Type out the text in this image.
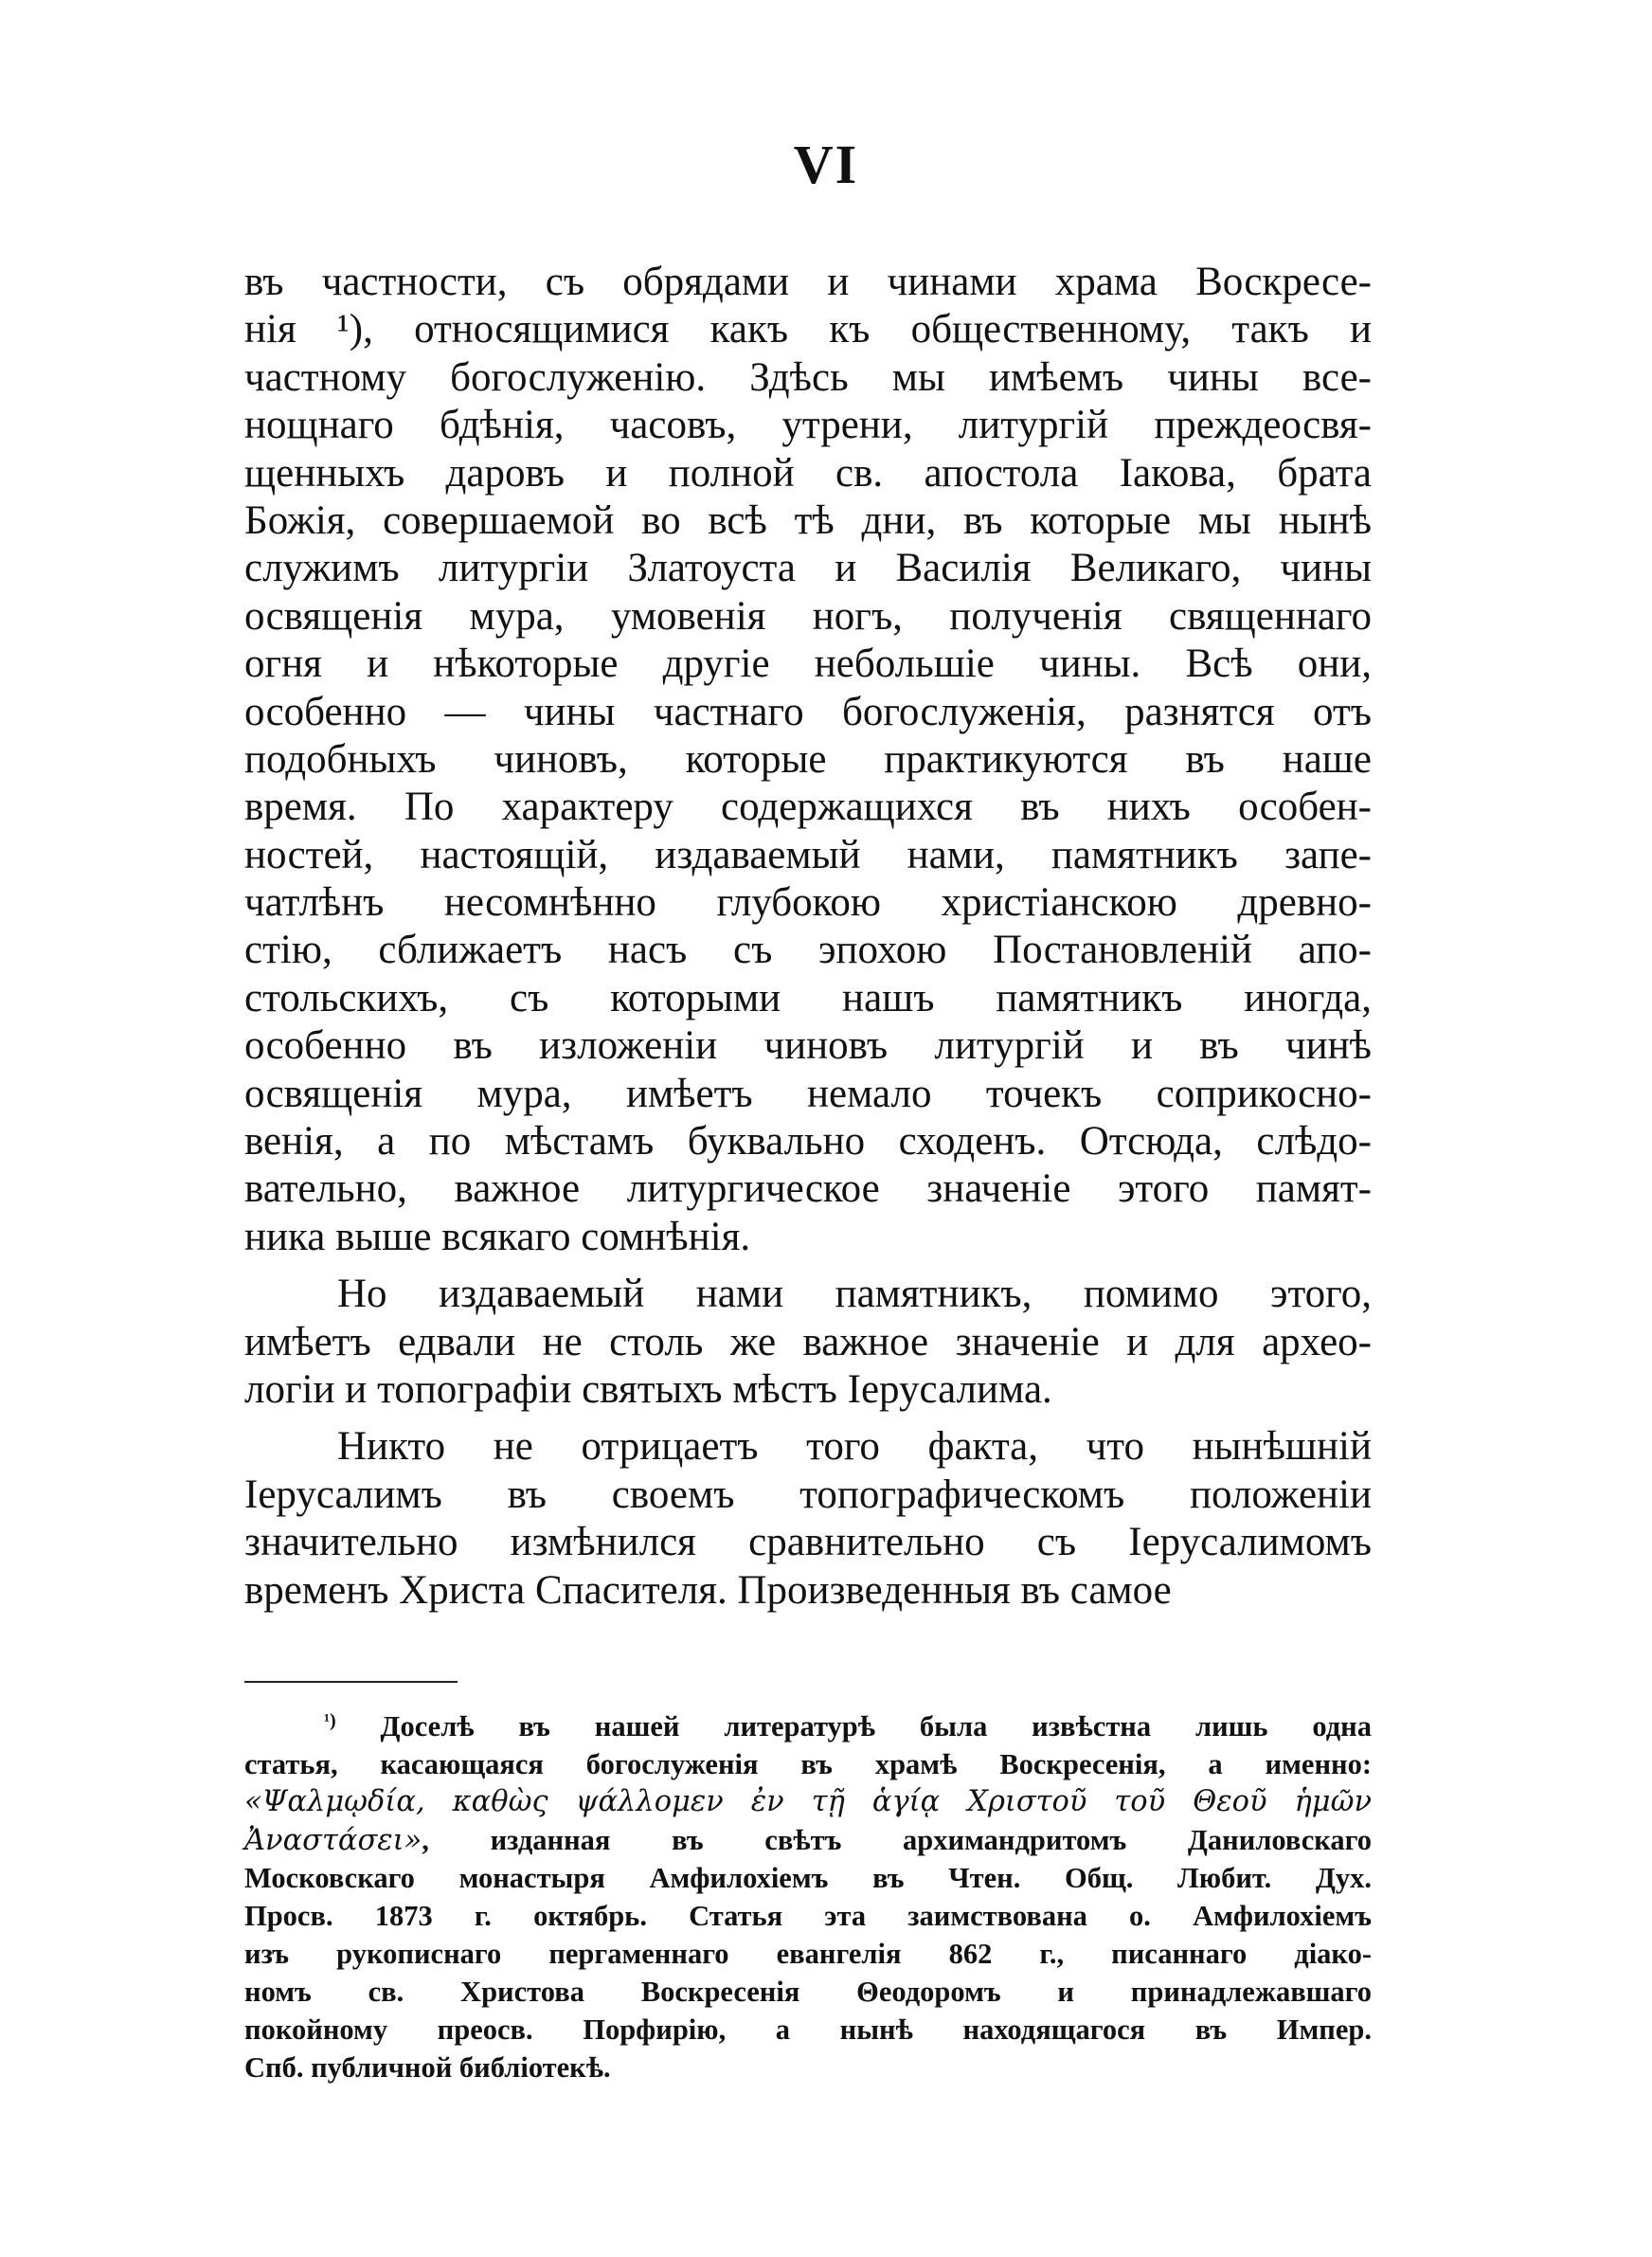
VI

въ частности, съ обрядами и чинами храма Воскресе-
нія ¹), относящимися какъ къ общественному, такъ и
частному богослуженію. Здѣсь мы имѣемъ чины все-
нощнаго бдѣнія, часовъ, утрени, литургій преждеосвя-
щенныхъ даровъ и полной св. апостола Іакова, брата
Божія, совершаемой во всѣ тѣ дни, въ которые мы нынѣ
служимъ литургіи Златоуста и Василія Великаго, чины
освященія мура, умовенія ногъ, полученія священнаго
огня и нѣкоторые другіе небольшіе чины. Всѣ они,
особенно — чины частнаго богослуженія, разнятся отъ
подобныхъ чиновъ, которые практикуются въ наше
время. По характеру содержащихся въ нихъ особен-
ностей, настоящій, издаваемый нами, памятникъ запе-
чатлѣнъ несомнѣнно глубокою христіанскою древно-
стію, сближаетъ насъ съ эпохою Постановленій апо-
стольскихъ, съ которыми нашъ памятникъ иногда,
особенно въ изложеніи чиновъ литургій и въ чинѣ
освященія мура, имѣетъ немало точекъ соприкосно-
венія, а по мѣстамъ буквально сходенъ. Отсюда, слѣдо-
вательно, важное литургическое значеніе этого памят-
ника выше всякаго сомнѣнія.

Но издаваемый нами памятникъ, помимо этого,
имѣетъ едвали не столь же важное значеніе и для архео-
логіи и топографіи святыхъ мѣстъ Іерусалима.

Никто не отрицаетъ того факта, что нынѣшній
Іерусалимъ въ своемъ топографическомъ положеніи
значительно измѣнился сравнительно съ Іерусалимомъ
временъ Христа Спасителя. Произведенныя въ самое

$^{^1)}$ Доселѣ въ нашей литературѣ была извѣстна лишь одна
статья, касающаяся богослуженія въ храмѣ Воскресенія, а именно:
«Ψαλμῳδία, καθὼς ψάλλομεν ἐν τῇ ἁγίᾳ Χριστοῦ τοῦ Θεοῦ ἡμῶν
Ἀναστάσει», изданная въ свѣтъ архимандритомъ Даниловскаго
Московскаго монастыря Амфилохіемъ въ Чтен. Общ. Любит. Дух.
Просв. 1873 г. октябрь. Статья эта заимствована о. Амфилохіемъ
изъ рукописнаго пергаменнаго евангелія 862 г., писаннаго діако-
номъ св. Христова Воскресенія Θеодоромъ и принадлежавшаго
покойному преосв. Порфирію, а нынѣ находящагося въ Импер.
Спб. публичной библіотекѣ.
